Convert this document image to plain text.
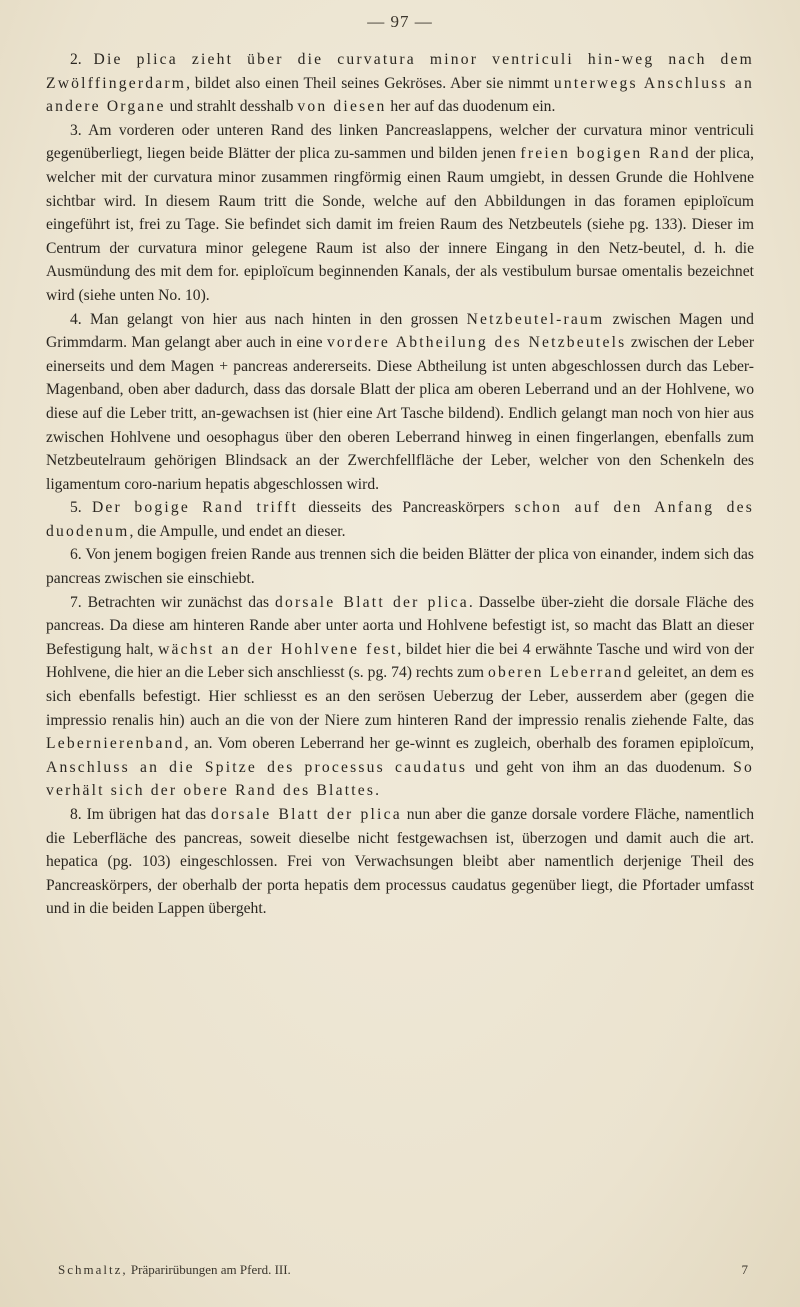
— 97 —

2. Die plica zieht über die curvatura minor ventriculi hin-weg nach dem Zwölffingerdarm, bildet also einen Theil seines Gekröses. Aber sie nimmt unterwegs Anschluss an andere Organe und strahlt desshalb von diesen her auf das duodenum ein.

3. Am vorderen oder unteren Rand des linken Pancreaslappens, welcher der curvatura minor ventriculi gegenüberliegt, liegen beide Blätter der plica zu-sammen und bilden jenen freien bogigen Rand der plica, welcher mit der curvatura minor zusammen ringförmig einen Raum umgiebt, in dessen Grunde die Hohlvene sichtbar wird. In diesem Raum tritt die Sonde, welche auf den Abbildungen in das foramen epiploïcum eingeführt ist, frei zu Tage. Sie befindet sich damit im freien Raum des Netzbeutels (siehe pg. 133). Dieser im Centrum der curvatura minor gelegene Raum ist also der innere Eingang in den Netz-beutel, d. h. die Ausmündung des mit dem for. epiploïcum beginnenden Kanals, der als vestibulum bursae omentalis bezeichnet wird (siehe unten No. 10).

4. Man gelangt von hier aus nach hinten in den grossen Netzbeutel-raum zwischen Magen und Grimmdarm. Man gelangt aber auch in eine vordere Abtheilung des Netzbeutels zwischen der Leber einerseits und dem Magen + pancreas andererseits. Diese Abtheilung ist unten abgeschlossen durch das Leber-Magenband, oben aber dadurch, dass das dorsale Blatt der plica am oberen Leberrand und an der Hohlvene, wo diese auf die Leber tritt, an-gewachsen ist (hier eine Art Tasche bildend). Endlich gelangt man noch von hier aus zwischen Hohlvene und oesophagus über den oberen Leberrand hinweg in einen fingerlangen, ebenfalls zum Netzbeutelraum gehörigen Blindsack an der Zwerchfellfläche der Leber, welcher von den Schenkeln des ligamentum coro-narium hepatis abgeschlossen wird.

5. Der bogige Rand trifft diesseits des Pancreaskörpers schon auf den Anfang des duodenum, die Ampulle, und endet an dieser.

6. Von jenem bogigen freien Rande aus trennen sich die beiden Blätter der plica von einander, indem sich das pancreas zwischen sie einschiebt.

7. Betrachten wir zunächst das dorsale Blatt der plica. Dasselbe über-zieht die dorsale Fläche des pancreas. Da diese am hinteren Rande aber unter aorta und Hohlvene befestigt ist, so macht das Blatt an dieser Befestigung halt, wächst an der Hohlvene fest, bildet hier die bei 4 erwähnte Tasche und wird von der Hohlvene, die hier an die Leber sich anschliesst (s. pg. 74) rechts zum oberen Leberrand geleitet, an dem es sich ebenfalls befestigt. Hier schliesst es an den serösen Ueberzug der Leber, ausserdem aber (gegen die impressio renalis hin) auch an die von der Niere zum hinteren Rand der impressio renalis ziehende Falte, das Lebernierenband, an. Vom oberen Leberrand her ge-winnt es zugleich, oberhalb des foramen epiploïcum, Anschluss an die Spitze des processus caudatus und geht von ihm an das duodenum. So verhält sich der obere Rand des Blattes.

8. Im übrigen hat das dorsale Blatt der plica nun aber die ganze dorsale vordere Fläche, namentlich die Leberfläche des pancreas, soweit dieselbe nicht festgewachsen ist, überzogen und damit auch die art. hepatica (pg. 103) eingeschlossen. Frei von Verwachsungen bleibt aber namentlich derjenige Theil des Pancreaskörpers, der oberhalb der porta hepatis dem processus caudatus gegenüber liegt, die Pfortader umfasst und in die beiden Lappen übergeht.

Schmaltz, Präparirübungen am Pferd. III.	7
